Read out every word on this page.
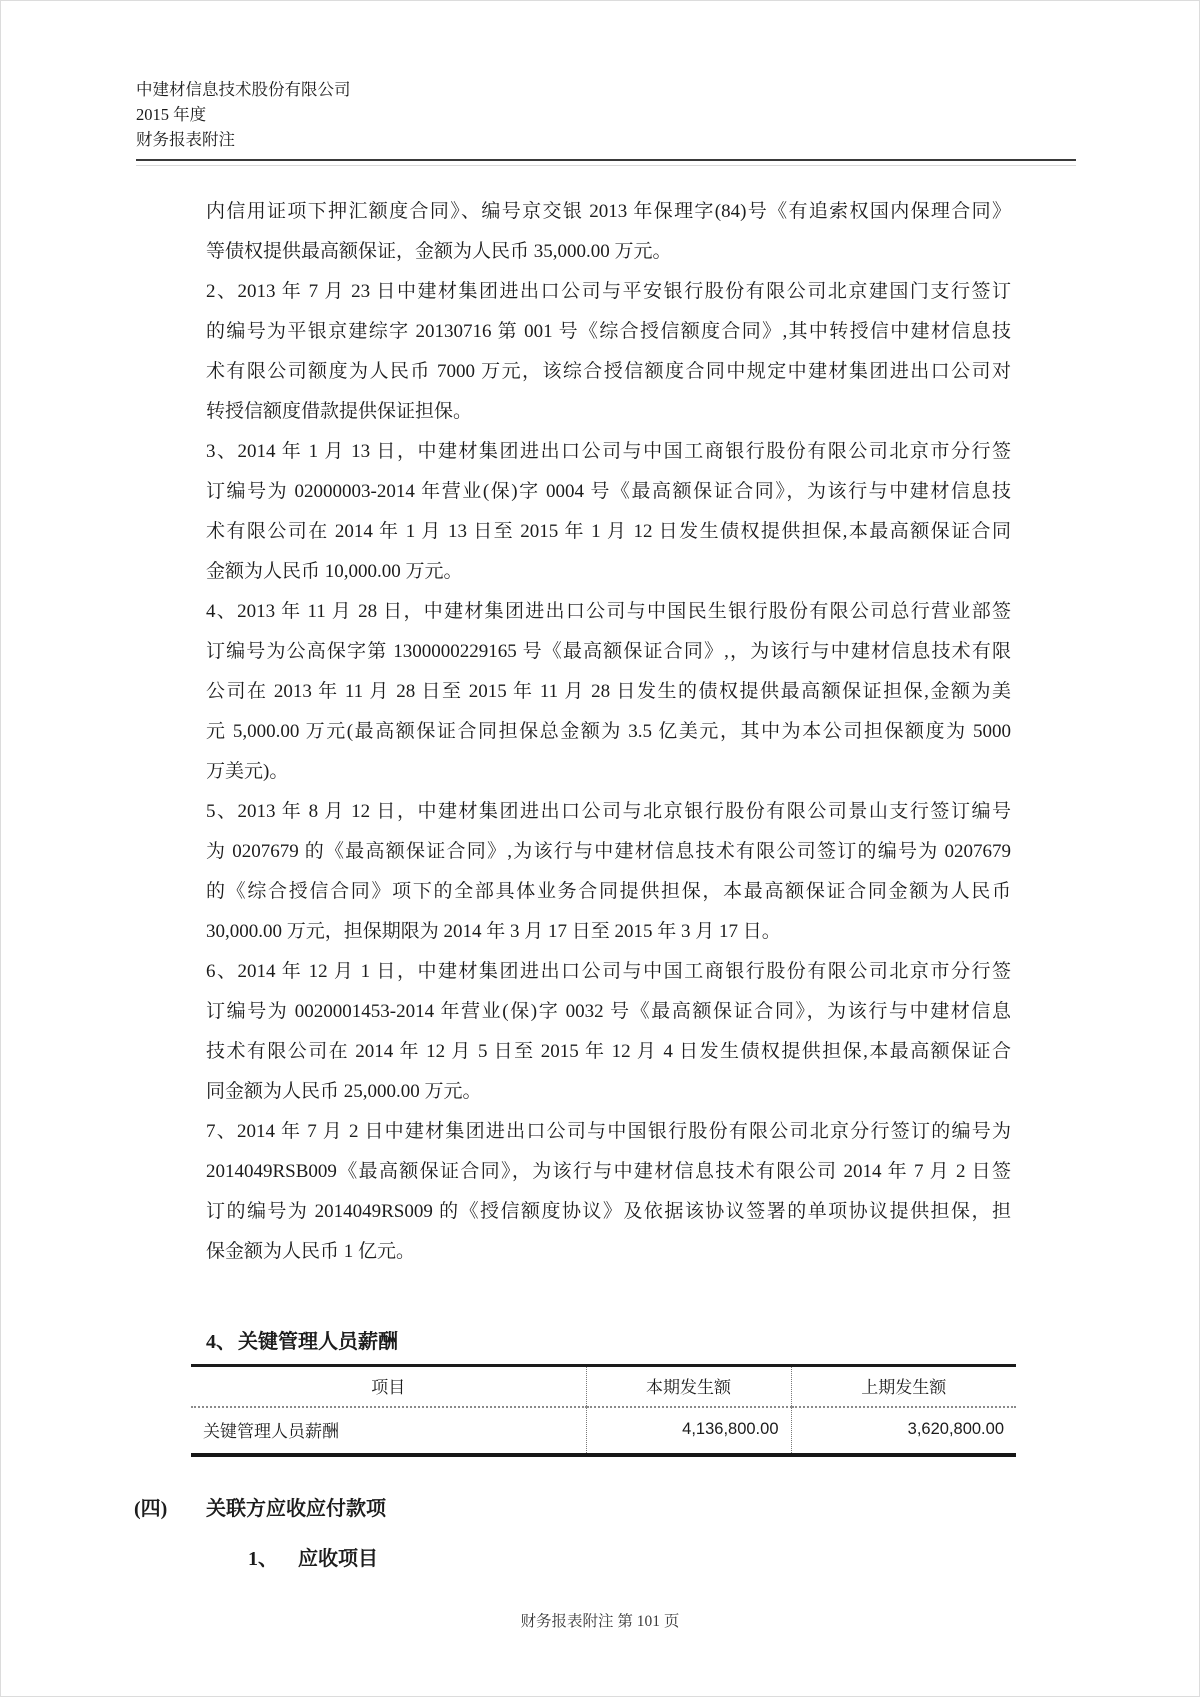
中建材信息技术股份有限公司
2015 年度
财务报表附注
内信用证项下押汇额度合同》、编号京交银 2013 年保理字(84)号《有追索权国内保理合同》
等债权提供最高额保证，金额为人民币 35,000.00 万元。
2、2013 年 7 月 23 日中建材集团进出口公司与平安银行股份有限公司北京建国门支行签订
的编号为平银京建综字 20130716 第 001 号《综合授信额度合同》,其中转授信中建材信息技
术有限公司额度为人民币 7000 万元，该综合授信额度合同中规定中建材集团进出口公司对
转授信额度借款提供保证担保。
3、2014 年 1 月 13 日，中建材集团进出口公司与中国工商银行股份有限公司北京市分行签
订编号为 02000003-2014 年营业(保)字 0004 号《最高额保证合同》，为该行与中建材信息技
术有限公司在 2014 年 1 月 13 日至 2015 年 1 月 12 日发生债权提供担保,本最高额保证合同
金额为人民币 10,000.00 万元。
4、2013 年 11 月 28 日，中建材集团进出口公司与中国民生银行股份有限公司总行营业部签
订编号为公高保字第 1300000229165 号《最高额保证合同》,，为该行与中建材信息技术有限
公司在 2013 年 11 月 28 日至 2015 年 11 月 28 日发生的债权提供最高额保证担保,金额为美
元 5,000.00 万元(最高额保证合同担保总金额为 3.5 亿美元，其中为本公司担保额度为 5000
万美元)。
5、2013 年 8 月 12 日，中建材集团进出口公司与北京银行股份有限公司景山支行签订编号
为 0207679 的《最高额保证合同》,为该行与中建材信息技术有限公司签订的编号为 0207679
的《综合授信合同》项下的全部具体业务合同提供担保，本最高额保证合同金额为人民币
30,000.00 万元，担保期限为 2014 年 3 月 17 日至 2015 年 3 月 17 日。
6、2014 年 12 月 1 日，中建材集团进出口公司与中国工商银行股份有限公司北京市分行签
订编号为 0020001453-2014 年营业(保)字 0032 号《最高额保证合同》，为该行与中建材信息
技术有限公司在 2014 年 12 月 5 日至 2015 年 12 月 4 日发生债权提供担保,本最高额保证合
同金额为人民币 25,000.00 万元。
7、2014 年 7 月 2 日中建材集团进出口公司与中国银行股份有限公司北京分行签订的编号为
2014049RSB009《最高额保证合同》，为该行与中建材信息技术有限公司 2014 年 7 月 2 日签
订的编号为 2014049RS009 的《授信额度协议》及依据该协议签署的单项协议提供担保，担
保金额为人民币 1 亿元。
4、 关键管理人员薪酬
项目	本期发生额	上期发生额
关键管理人员薪酬	4,136,800.00	3,620,800.00
(四) 关联方应收应付款项
1、 应收项目
财务报表附注 第 101 页
